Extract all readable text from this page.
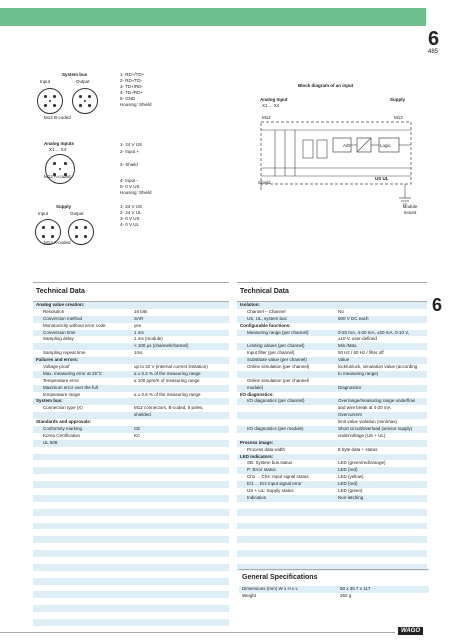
6
485
6
System bus
Input	Output
M12 B-coded
1- RD+/TD+
2- RD-/TD-
3- TD+/RD-
4- TD-/RD+
5- GND
Housing: Shield
Analog Inputs
X1 ... X4
M12 A-coded
1- 24 V US
2- Input +
3- Shield
4- Input -
5- 0 V US
Housing: Shield
Supply
Input	Output
M12 A-coded
1- 24 V US
2- 24 V UL
3- 0 V US
4- 0 V UL
Block diagram of an input
Analog Input
X1 ... X4
Supply
M12	M12
A/D	Logic
Shield
US UL
Module mount
Technical Data
Analog value creation:
Resolution	16 bits
Conversion method	SAR
Monotonicity without error code	yes
Conversion time	1 ms
Sampling delay	1 ms (module)
< 100 µs (channel/channel)
Sampling repeat time	1ms
Failures and errors:
Voltage proof	up to 32 V (internal current limitation)
Max. measuring error at 25°C	≤ ± 0.2 % of the measuring range
Temperature error	≤ 100 ppm/K of measuring range
Maximum error over the full
temperature range	≤ ± 0.6 % of the measuring range
System bus:
Connection type (X)	M12 connectors, B-coded, 5 poles,
shielded
Standards and approvals:
Conformity marking	CE
Korea Certification	KC
UL 508
Technical Data
Isolation:
Channel – Channel	No
US, UL, system bus	500 V DC each
Configurable functions:
Measuring range (per channel)	0-20 mA, 4-20 mA, ±20 mA, 0-10 V,
±10 V, user-defined
Limiting values (per channel)	Min./Max.
Input filter (per channel)	50 Hz / 60 Hz / filter off
Substitute value (per channel)	Value
Online simulation (per channel)	lock/unlock, simulation value (according
to measuring range)
Online simulation (per channel/
module)	Diagnostics
I/O diagnostics:
I/O diagnostics (per channel)	Overrange/measuring range underflow
and wire break at 4-20 mA
Overcurrent
limit value violation (min/max)
I/O diagnostics (per module)	Short circuit/overload (sensor supply)
undervoltage (US + UL)
Process image:
Process data width	8 byte data + status
LED indicators:
SB: System bus status	LED (green/red/orange)
P: Error status	LED (red)
Ch1 ... Ch4: Input signal status	LED (yellow)
E/1 ... E/4 Input signal error	LED (red)
US + UL: Supply status	LED (green)
Indication	Non-latching
General Specifications
Dimensions (mm) W x H x L	50 x 35.7 x 117
Weight	262 g
WAGO
